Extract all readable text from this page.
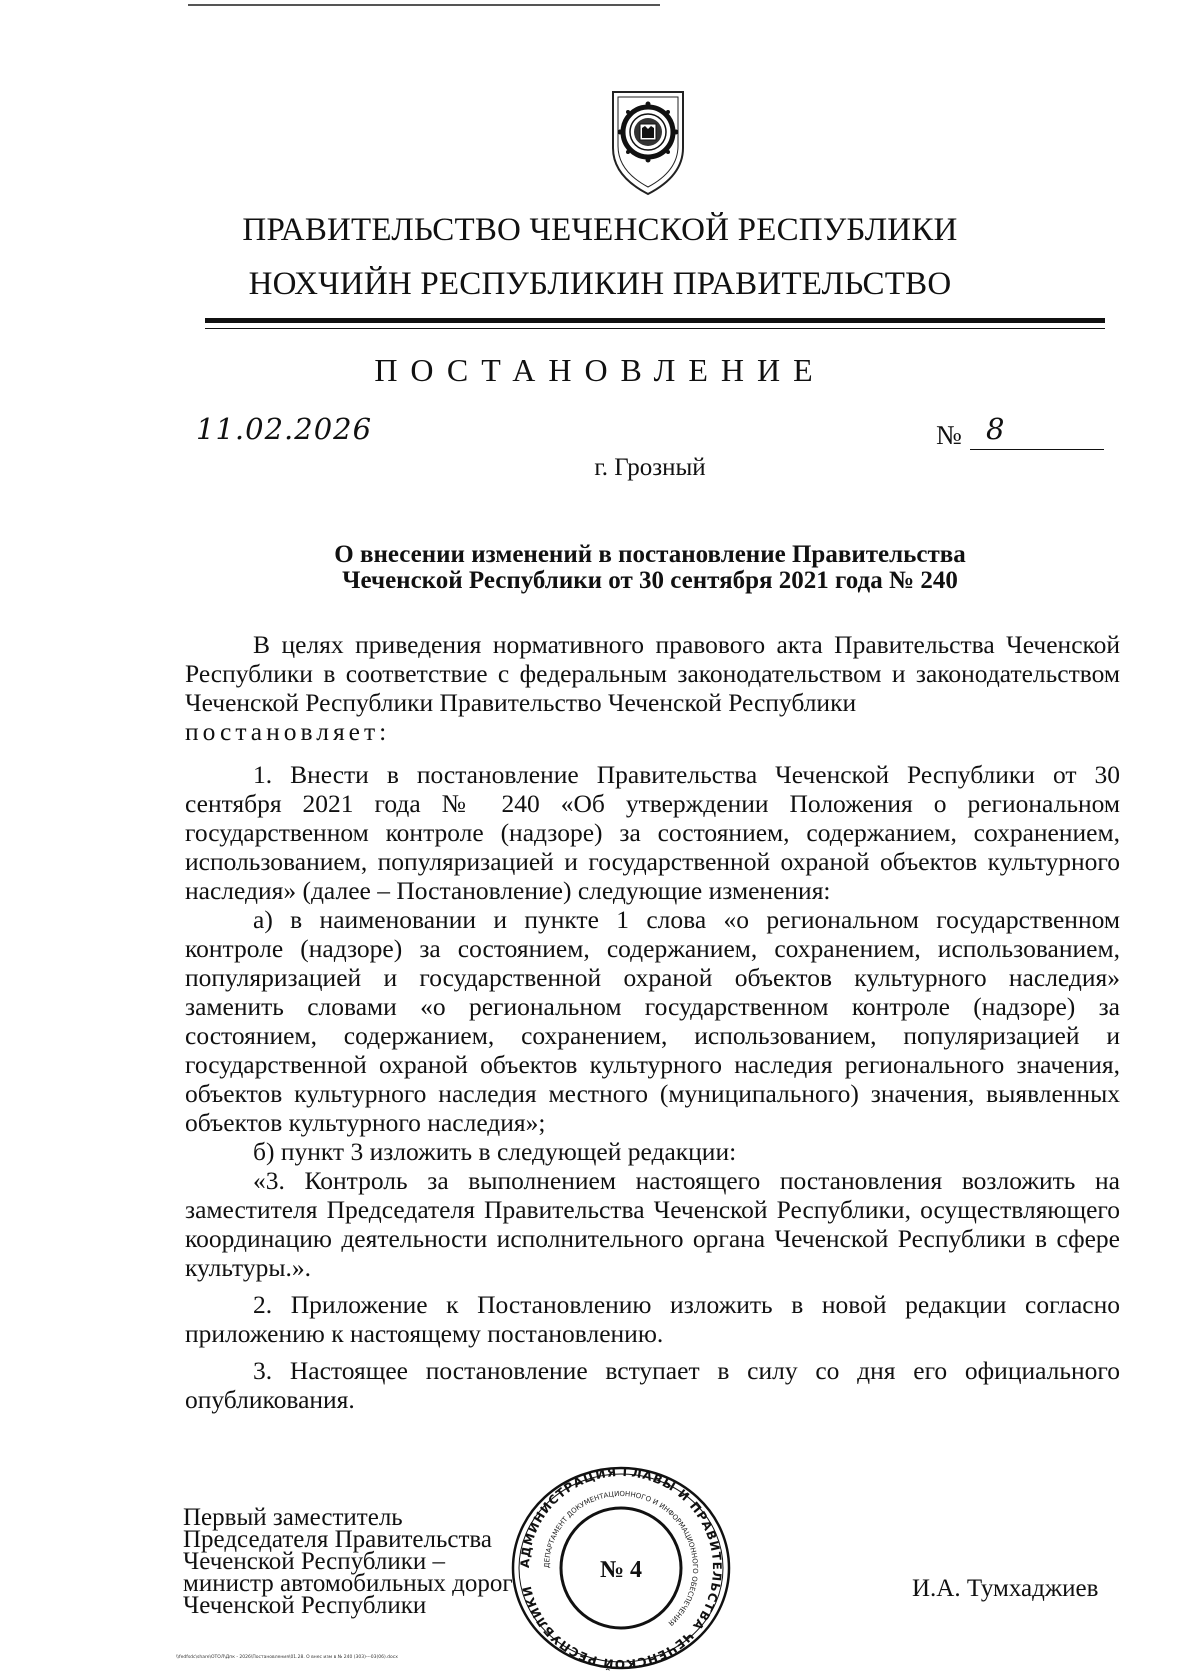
ПРАВИТЕЛЬСТВО ЧЕЧЕНСКОЙ РЕСПУБЛИКИ
НОХЧИЙН РЕСПУБЛИКИН ПРАВИТЕЛЬСТВО
ПОСТАНОВЛЕНИЕ
11.02.2026	№ 8
г. Грозный
О внесении изменений в постановление Правительства
Чеченской Республики от 30 сентября 2021 года № 240

В целях приведения нормативного правового акта Правительства Чеченской Республики в соответствие с федеральным законодательством и законодательством Чеченской Республики Правительство Чеченской Республики

постановляет:

1. Внести в постановление Правительства Чеченской Республики от 30 сентября 2021 года № 240 «Об утверждении Положения о региональном государственном контроле (надзоре) за состоянием, содержанием, сохранением, использованием, популяризацией и государственной охраной объектов культурного наследия» (далее – Постановление) следующие изменения:

а) в наименовании и пункте 1 слова «о региональном государственном контроле (надзоре) за состоянием, содержанием, сохранением, использованием, популяризацией и государственной охраной объектов культурного наследия» заменить словами «о региональном государственном контроле (надзоре) за состоянием, содержанием, сохранением, использованием, популяризацией и государственной охраной объектов культурного наследия регионального значения, объектов культурного наследия местного (муниципального) значения, выявленных объектов культурного наследия»;

б) пункт 3 изложить в следующей редакции:

«3. Контроль за выполнением настоящего постановления возложить на заместителя Председателя Правительства Чеченской Республики, осуществляющего координацию деятельности исполнительного органа Чеченской Республики в сфере культуры.».

2. Приложение к Постановлению изложить в новой редакции согласно приложению к настоящему постановлению.

3. Настоящее постановление вступает в силу со дня его официального опубликования.

Первый заместитель
Председателя Правительства
Чеченской Республики –
министр автомобильных дорог
Чеченской Республики
АДМИНИСТРАЦИЯ ГЛАВЫ И ПРАВИТЕЛЬСТВА ЧЕЧЕНСКОЙ РЕСПУБЛИКИ
ДЕПАРТАМЕНТ ДОКУМЕНТАЦИОННОГО И ИНФОРМАЦИОННОГО ОБЕСПЕЧЕНИЯ
№ 4
И.А. Тумхаджиев
\\fedfsdc\share\ОТОЛ\Дпк - 2026\Постановления\01.28. О внес изм в № 240 (303)---03(06).docx
